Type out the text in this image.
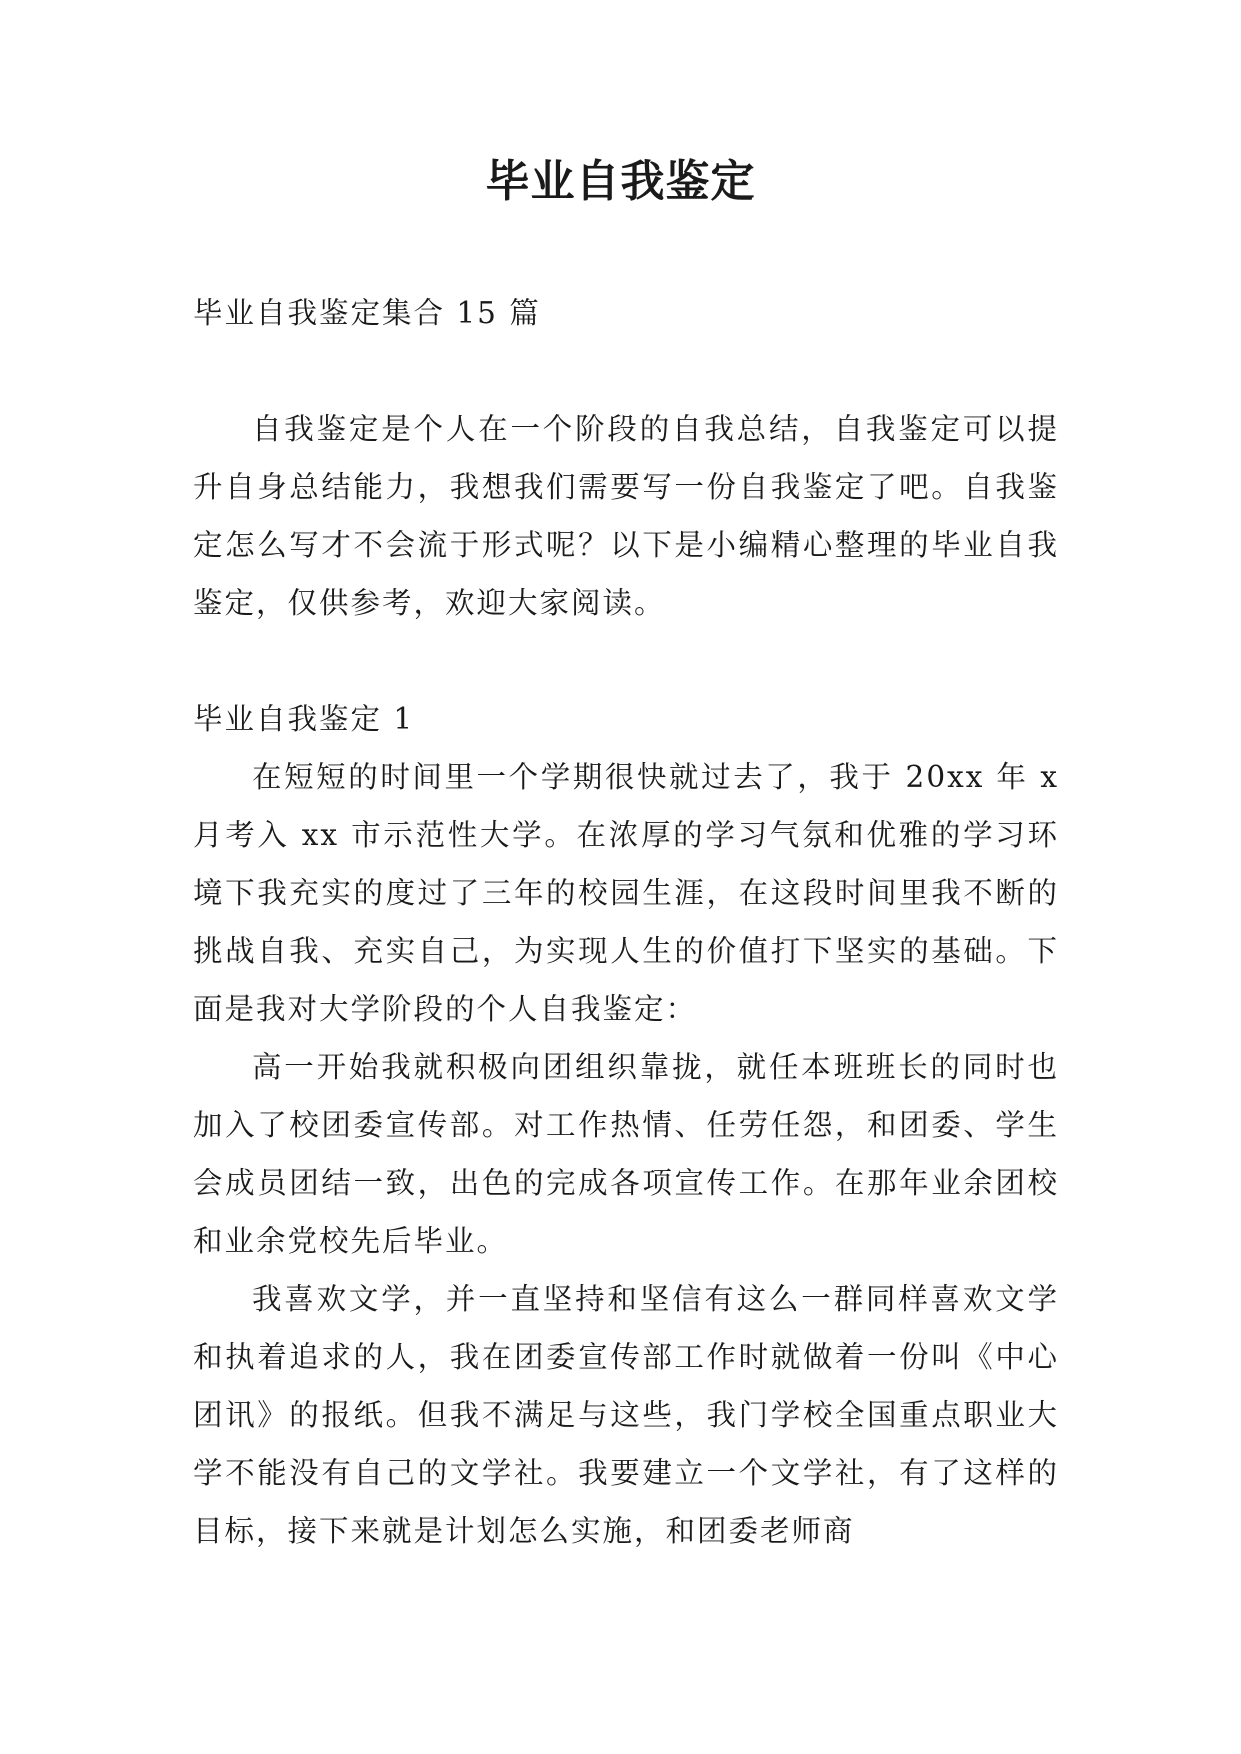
毕业自我鉴定

毕业自我鉴定集合 15 篇

自我鉴定是个人在一个阶段的自我总结，自我鉴定可以提升自身总结能力，我想我们需要写一份自我鉴定了吧。自我鉴定怎么写才不会流于形式呢？以下是小编精心整理的毕业自我鉴定，仅供参考，欢迎大家阅读。

毕业自我鉴定 1

在短短的时间里一个学期很快就过去了，我于 20xx 年 x 月考入 xx 市示范性大学。在浓厚的学习气氛和优雅的学习环境下我充实的度过了三年的校园生涯，在这段时间里我不断的挑战自我、充实自己，为实现人生的价值打下坚实的基础。下面是我对大学阶段的个人自我鉴定：

高一开始我就积极向团组织靠拢，就任本班班长的同时也加入了校团委宣传部。对工作热情、任劳任怨，和团委、学生会成员团结一致，出色的完成各项宣传工作。在那年业余团校和业余党校先后毕业。

我喜欢文学，并一直坚持和坚信有这么一群同样喜欢文学和执着追求的人，我在团委宣传部工作时就做着一份叫《中心团讯》的报纸。但我不满足与这些，我门学校全国重点职业大学不能没有自己的文学社。我要建立一个文学社，有了这样的目标，接下来就是计划怎么实施，和团委老师商
